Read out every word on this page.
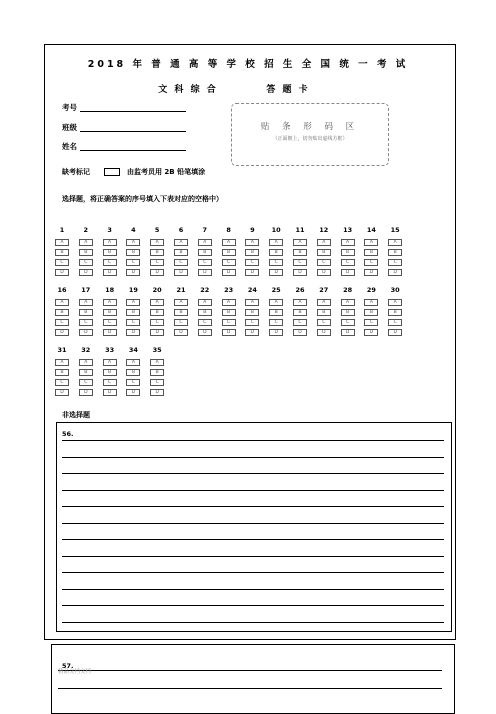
2018 年 普 通 高 等 学 校 招 生 全 国 统 一 考 试
文 科 综 合	答 题 卡
考号
班级
姓名
贴 条 形 码 区
（正面朝上，切勿贴出虚线方框）
缺考标记	由监考员用 2B 铅笔填涂
选择题，将正确答案的序号填入下表对应的空格中）
1
A
B
C
D
2
A
B
C
D
3
A
B
C
D
4
A
B
C
D
5
A
B
C
D
6
A
B
C
D
7
A
B
C
D
8
A
B
C
D
9
A
B
C
D
10
A
B
C
D
11
A
B
C
D
12
A
B
C
D
13
A
B
C
D
14
A
B
C
D
15
A
B
C
D
16
A
B
C
D
17
A
B
C
D
18
A
B
C
D
19
A
B
C
D
20
A
B
C
D
21
A
B
C
D
22
A
B
C
D
23
A
B
C
D
24
A
B
C
D
25
A
B
C
D
26
A
B
C
D
27
A
B
C
D
28
A
B
C
D
29
A
B
C
D
30
A
B
C
D
31
A
B
C
D
32
A
B
C
D
33
A
B
C
D
34
A
B
C
D
35
A
B
C
D
非选择题
56.
57.
精品文档文档
